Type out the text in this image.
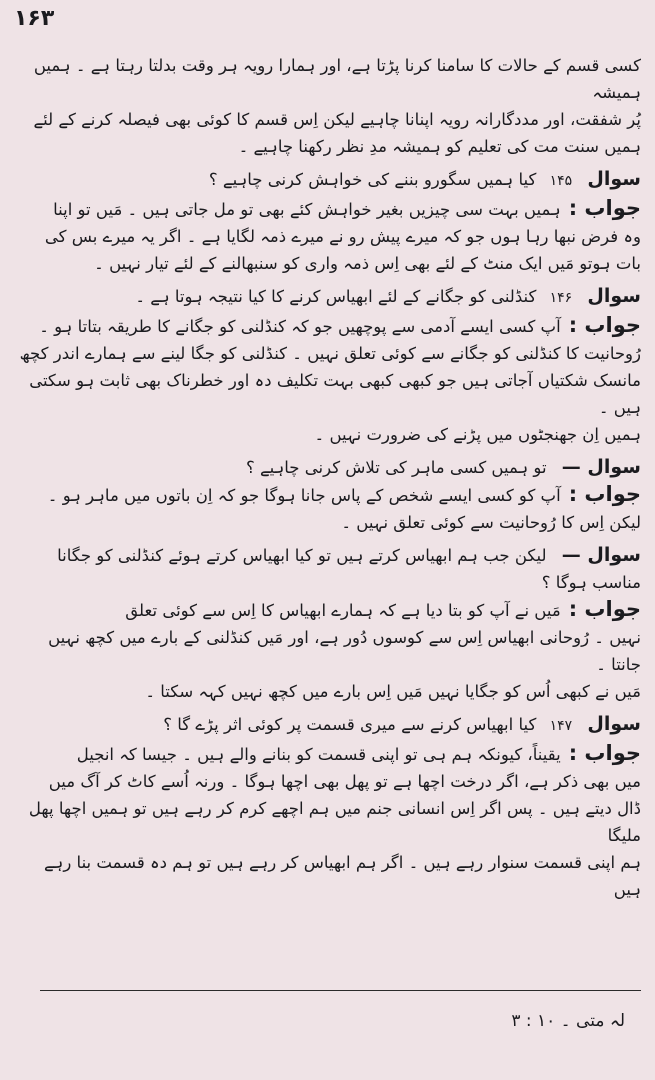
۱۶۳
کسی قسم کے حالات کا سامنا کرنا پڑتا ہے، اور ہمارا رویہ ہر وقت بدلتا رہتا ہے ۔ ہمیں ہمیشہ
پُر شفقت، اور مددگارانہ رویہ اپنانا چاہیے لیکن اِس قسم کا کوئی بھی فیصلہ کرنے کے لئے
ہمیں سنت مت کی تعلیم کو ہمیشہ مدِ نظر رکھنا چاہیے ۔
سوال ۱۴۵ کیا ہمیں سگورو بننے کی خواہش کرنی چاہیے ؟
جواب :ہمیں بہت سی چیزیں بغیر خواہش کئے بھی تو مل جاتی ہیں ۔ مَیں تو اپنا
وہ فرض نبھا رہا ہوں جو کہ میرے پیش رو نے میرے ذمہ لگایا ہے ۔ اگر یہ میرے بس کی
بات ہوتو مَیں ایک منٹ کے لئے بھی اِس ذمہ واری کو سنبھالنے کے لئے تیار نہیں ۔
سوال ۱۴۶ کنڈلنی کو جگانے کے لئے ابھیاس کرنے کا کیا نتیجہ ہوتا ہے ۔
جواب :آپ کسی ایسے آدمی سے پوچھیں جو کہ کنڈلنی کو جگانے کا طریقہ بتاتا ہو ۔
رُوحانیت کا کنڈلنی کو جگانے سے کوئی تعلق نہیں ۔ کنڈلنی کو جگا لینے سے ہمارے اندر کچھ
مانسک شکتیاں آجاتی ہیں جو کبھی کبھی بہت تکلیف دہ اور خطرناک بھی ثابت ہو سکتی ہیں ۔
ہمیں اِن جھنجٹوں میں پڑنے کی ضرورت نہیں ۔
سوال — تو ہمیں کسی ماہر کی تلاش کرنی چاہیے ؟
جواب :آپ کو کسی ایسے شخص کے پاس جانا ہوگا جو کہ اِن باتوں میں ماہر ہو ۔
لیکن اِس کا رُوحانیت سے کوئی تعلق نہیں ۔
سوال — لیکن جب ہم ابھیاس کرتے ہیں تو کیا ابھیاس کرتے ہوئے کنڈلنی کو جگانا
مناسب ہوگا ؟
جواب :مَیں نے آپ کو بتا دیا ہے کہ ہمارے ابھیاس کا اِس سے کوئی تعلق
نہیں ۔ رُوحانی ابھیاس اِس سے کوسوں دُور ہے، اور مَیں کنڈلنی کے بارے میں کچھ نہیں جانتا ۔
مَیں نے کبھی اُس کو جگایا نہیں مَیں اِس بارے میں کچھ نہیں کہہ سکتا ۔
سوال ۱۴۷ کیا ابھیاس کرنے سے میری قسمت پر کوئی اثر پڑے گا ؟
جواب :یقیناً، کیونکہ ہم ہی تو اپنی قسمت کو بنانے والے ہیں ۔ جیسا کہ انجیل
میں بھی ذکر ہے، اگر درخت اچھا ہے تو پھل بھی اچھا ہوگا ۔ ورنہ اُسے کاٹ کر آگ میں
ڈال دیتے ہیں ۔ پس اگر اِس انسانی جنم میں ہم اچھے کرم کر رہے ہیں تو ہمیں اچھا پھل ملیگا
ہم اپنی قسمت سنوار رہے ہیں ۔ اگر ہم ابھیاس کر رہے ہیں تو ہم دہ قسمت بنا رہے ہیں
لہ متی ۔ ۱۰ : ۳
